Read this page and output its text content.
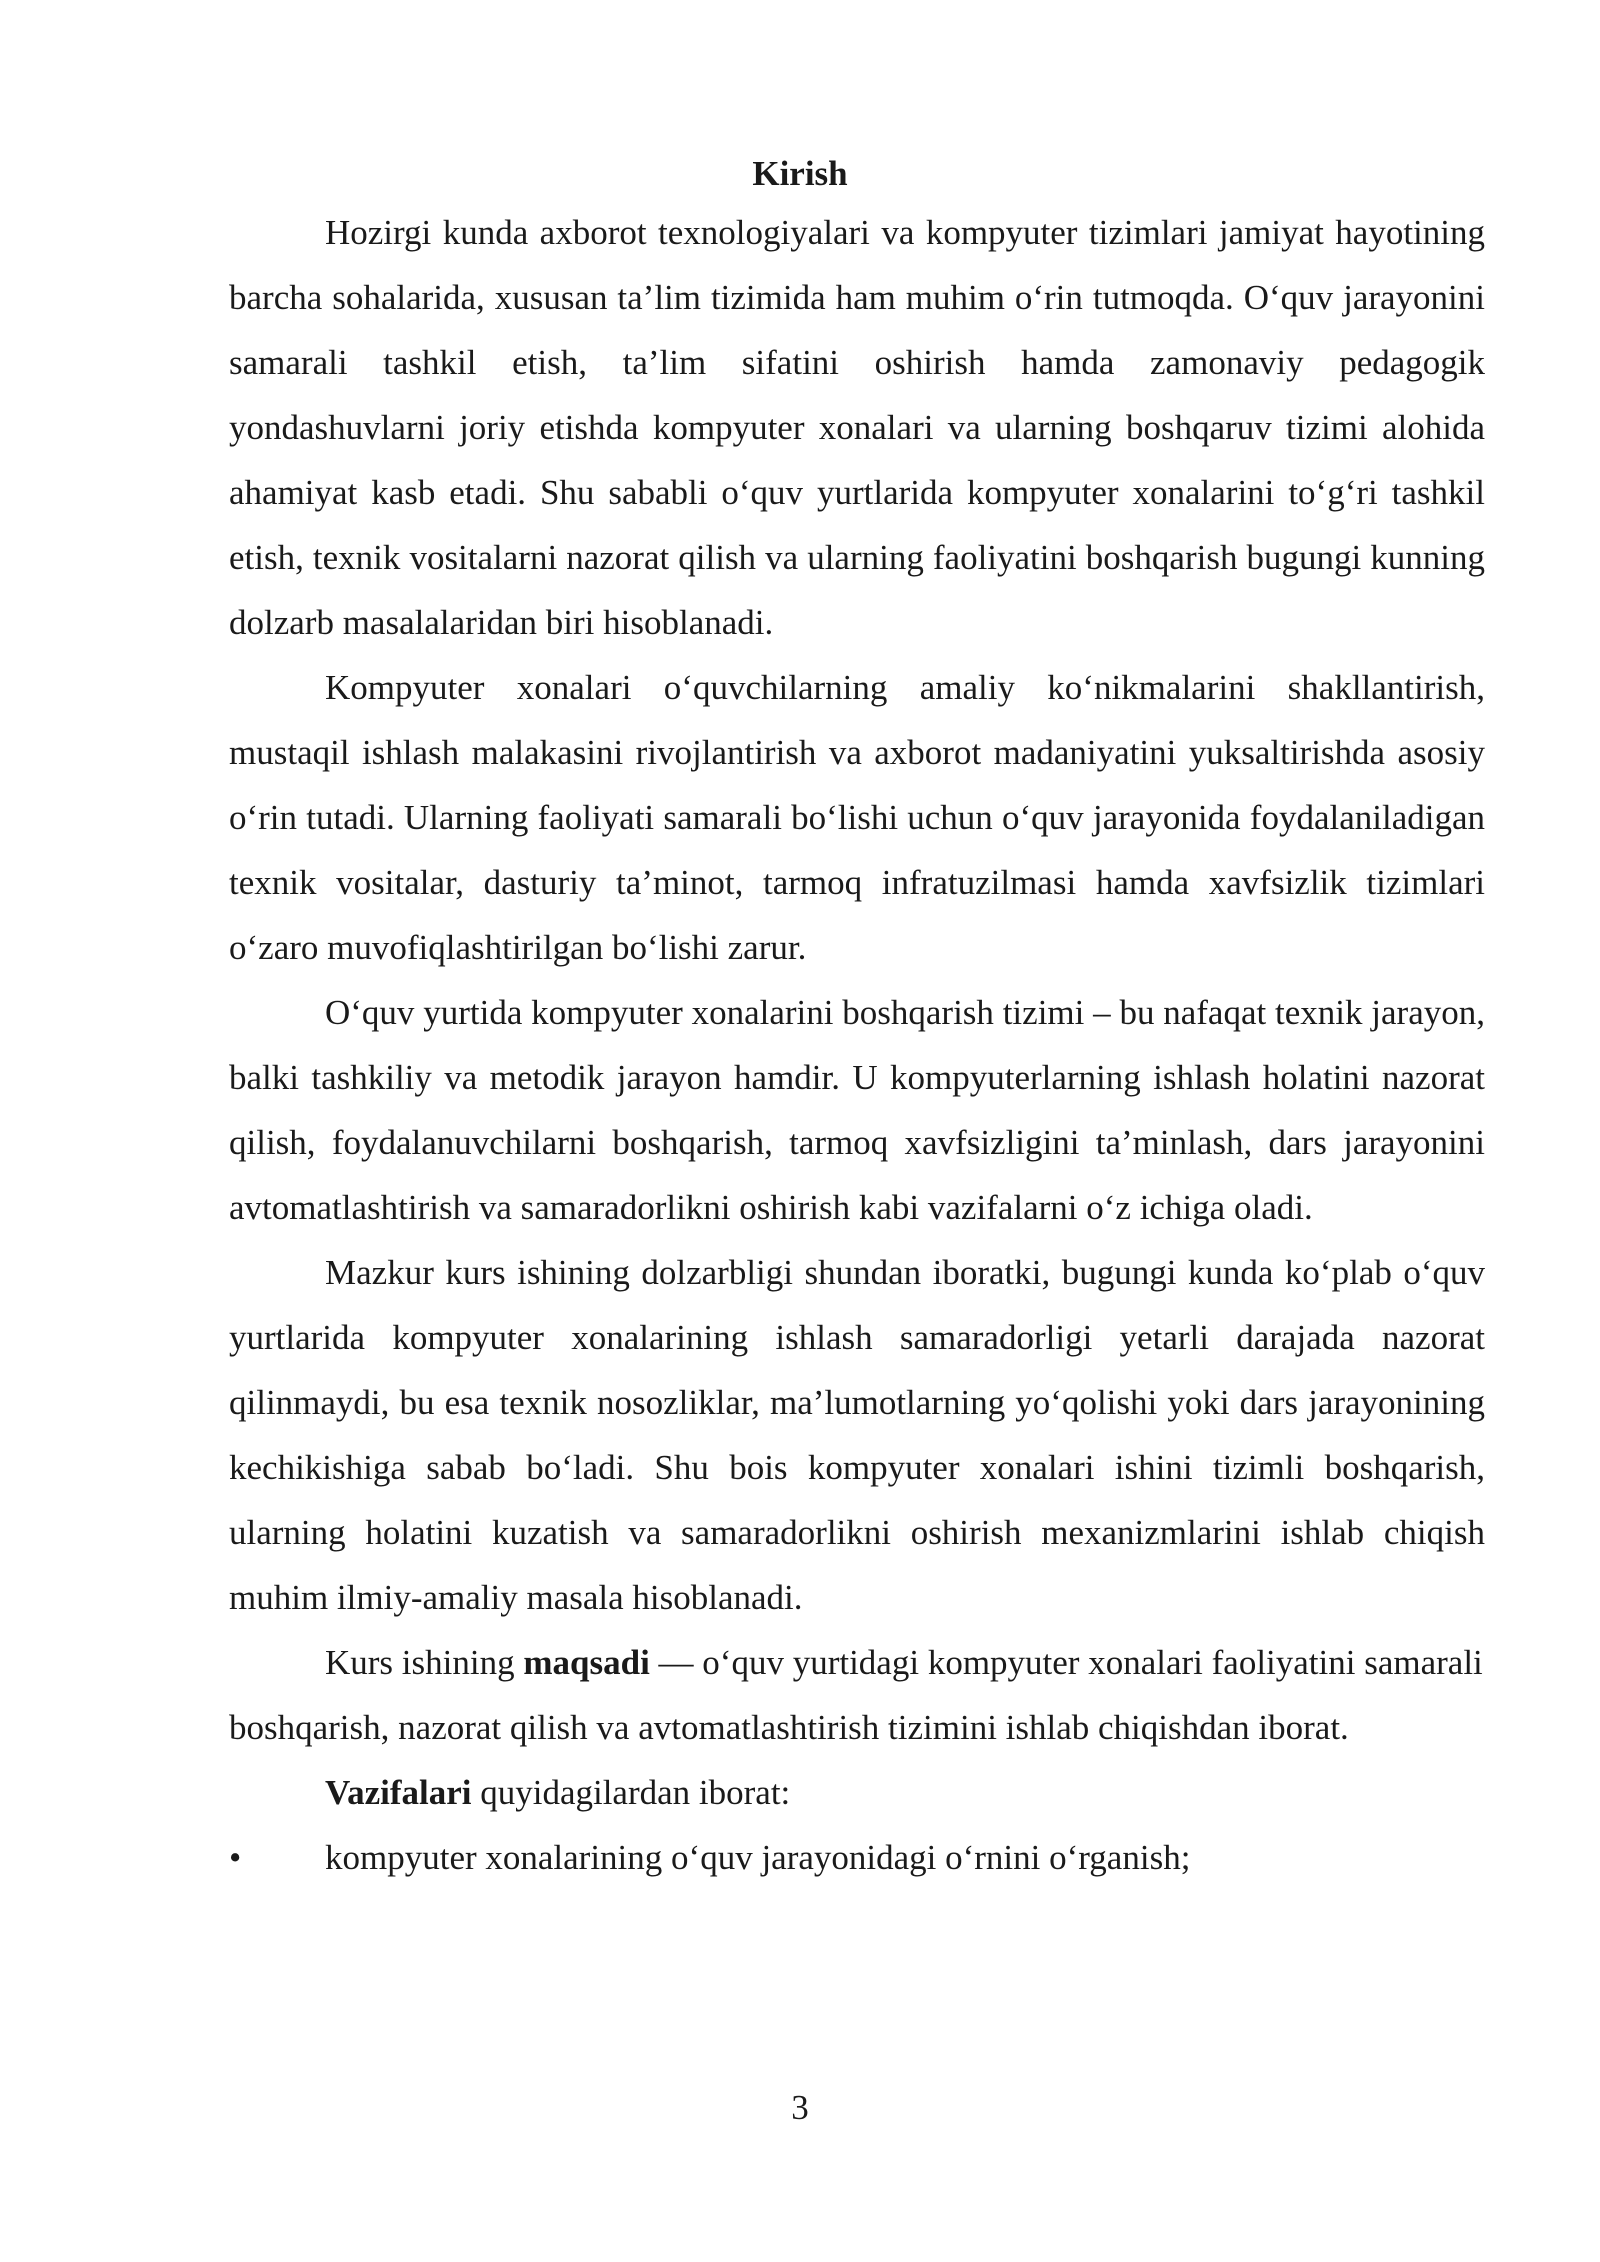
Kirish

Hozirgi kunda axborot texnologiyalari va kompyuter tizimlari jamiyat hayotining barcha sohalarida, xususan ta’lim tizimida ham muhim o‘rin tutmoqda. O‘quv jarayonini samarali tashkil etish, ta’lim sifatini oshirish hamda zamonaviy pedagogik yondashuvlarni joriy etishda kompyuter xonalari va ularning boshqaruv tizimi alohida ahamiyat kasb etadi. Shu sababli o‘quv yurtlarida kompyuter xonalarini to‘g‘ri tashkil etish, texnik vositalarni nazorat qilish va ularning faoliyatini boshqarish bugungi kunning dolzarb masalalaridan biri hisoblanadi.

Kompyuter xonalari o‘quvchilarning amaliy ko‘nikmalarini shakllantirish, mustaqil ishlash malakasini rivojlantirish va axborot madaniyatini yuksaltirishda asosiy o‘rin tutadi. Ularning faoliyati samarali bo‘lishi uchun o‘quv jarayonida foydalaniladigan texnik vositalar, dasturiy ta’minot, tarmoq infratuzilmasi hamda xavfsizlik tizimlari o‘zaro muvofiqlashtirilgan bo‘lishi zarur.

O‘quv yurtida kompyuter xonalarini boshqarish tizimi – bu nafaqat texnik jarayon, balki tashkiliy va metodik jarayon hamdir. U kompyuterlarning ishlash holatini nazorat qilish, foydalanuvchilarni boshqarish, tarmoq xavfsizligini ta’minlash, dars jarayonini avtomatlashtirish va samaradorlikni oshirish kabi vazifalarni o‘z ichiga oladi.

Mazkur kurs ishining dolzarbligi shundan iboratki, bugungi kunda ko‘plab o‘quv yurtlarida kompyuter xonalarining ishlash samaradorligi yetarli darajada nazorat qilinmaydi, bu esa texnik nosozliklar, ma’lumotlarning yo‘qolishi yoki dars jarayonining kechikishiga sabab bo‘ladi. Shu bois kompyuter xonalari ishini tizimli boshqarish, ularning holatini kuzatish va samaradorlikni oshirish mexanizmlarini ishlab chiqish muhim ilmiy-amaliy masala hisoblanadi.

Kurs ishining maqsadi — o‘quv yurtidagi kompyuter xonalari faoliyatini samarali boshqarish, nazorat qilish va avtomatlashtirish tizimini ishlab chiqishdan iborat.

Vazifalari quyidagilardan iborat:

•	kompyuter xonalarining o‘quv jarayonidagi o‘rnini o‘rganish;

3
